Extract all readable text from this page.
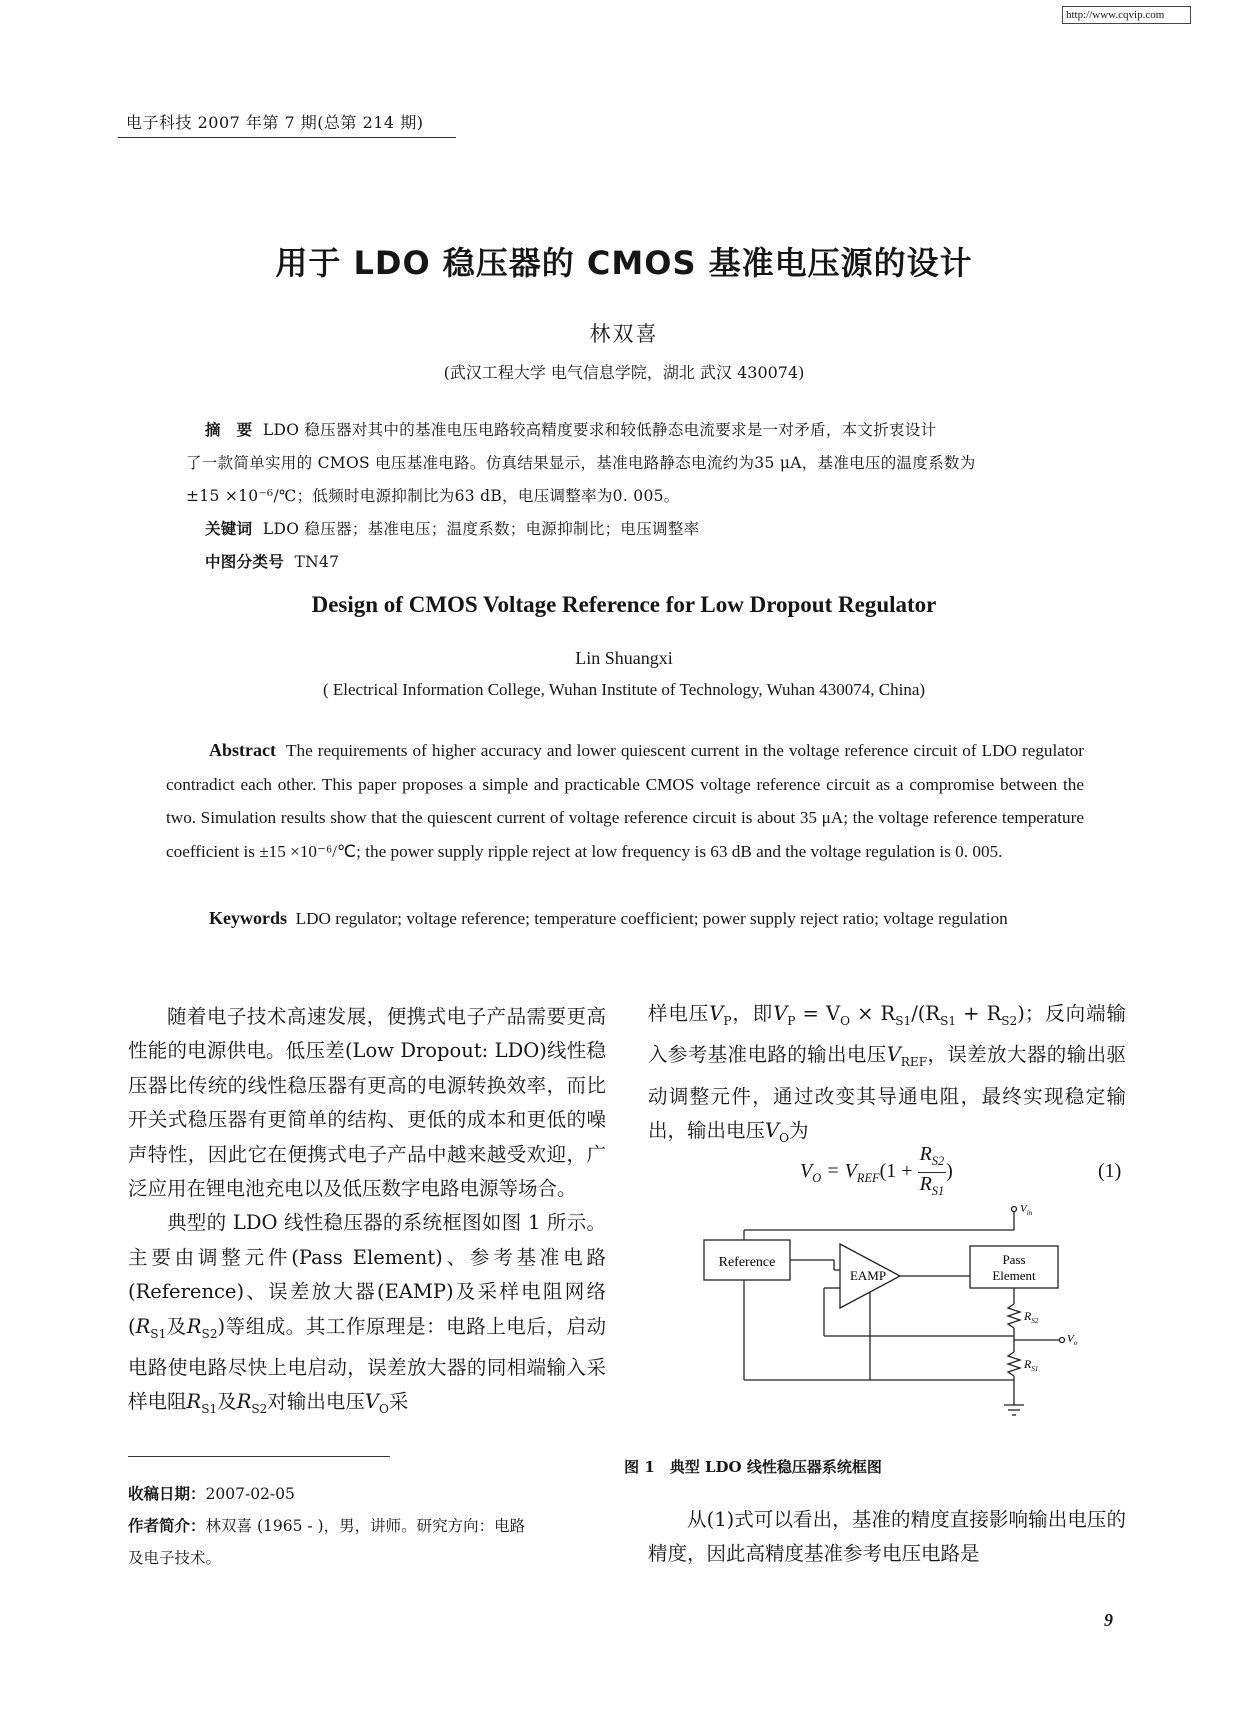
http://www.cqvip.com
电子科技 2007 年第 7 期(总第 214 期)
用于 LDO 稳压器的 CMOS 基准电压源的设计
林双喜
(武汉工程大学 电气信息学院，湖北 武汉 430074)
摘　要 LDO 稳压器对其中的基准电压电路较高精度要求和较低静态电流要求是一对矛盾，本文折衷设计
了一款简单实用的 CMOS 电压基准电路。仿真结果显示，基准电路静态电流约为35 μA，基准电压的温度系数为
±15 ×10⁻⁶/℃；低频时电源抑制比为63 dB，电压调整率为0. 005。
关键词 LDO 稳压器；基准电压；温度系数；电源抑制比；电压调整率
中图分类号 TN47
Design of CMOS Voltage Reference for Low Dropout Regulator
Lin Shuangxi
( Electrical Information College, Wuhan Institute of Technology, Wuhan 430074, China)
Abstract The requirements of higher accuracy and lower quiescent current in the voltage reference circuit of LDO regulator contradict each other. This paper proposes a simple and practicable CMOS voltage reference circuit as a compromise between the two. Simulation results show that the quiescent current of voltage reference circuit is about 35 μA; the voltage reference temperature coefficient is ±15 ×10⁻⁶/℃; the power supply ripple reject at low frequency is 63 dB and the voltage regulation is 0. 005.
Keywords LDO regulator; voltage reference; temperature coefficient; power supply reject ratio; voltage regulation

随着电子技术高速发展，便携式电子产品需要更高性能的电源供电。低压差(Low Dropout: LDO)线性稳压器比传统的线性稳压器有更高的电源转换效率，而比开关式稳压器有更简单的结构、更低的成本和更低的噪声特性，因此它在便携式电子产品中越来越受欢迎，广泛应用在锂电池充电以及低压数字电路电源等场合。

典型的 LDO 线性稳压器的系统框图如图 1 所示。主要由调整元件(Pass Element)、参考基准电路(Reference)、误差放大器(EAMP)及采样电阻网络($R_{S1}$及$R_{S2}$)等组成。其工作原理是：电路上电后，启动电路使电路尽快上电启动，误差放大器的同相端输入采样电阻$R_{S1}$及$R_{S2}$对输出电压$V_O$采

样电压$V_P$，即$V_P = V_O \times R_{S1}/(R_{S1} + R_{S2})$；反向端输入参考基准电路的输出电压$V_{REF}$，误差放大器的输出驱动调整元件，通过改变其导通电阻，最终实现稳定输出，输出电压$V_O$为

$V_O = V_{REF}(1 + \frac{R_{S2}}{R_{S1}}$ )	(1)
Reference
EAMP
Pass
Element
$V_{in}$
$V_o$
$R_{S2}$
$R_{S1}$
图 1　典型 LDO 线性稳压器系统框图
收稿日期：2007-02-05
作者简介：林双喜 (1965 - )，男，讲师。研究方向：电路
及电子技术。

从(1)式可以看出，基准的精度直接影响输出电压的精度，因此高精度基准参考电压电路是

9
